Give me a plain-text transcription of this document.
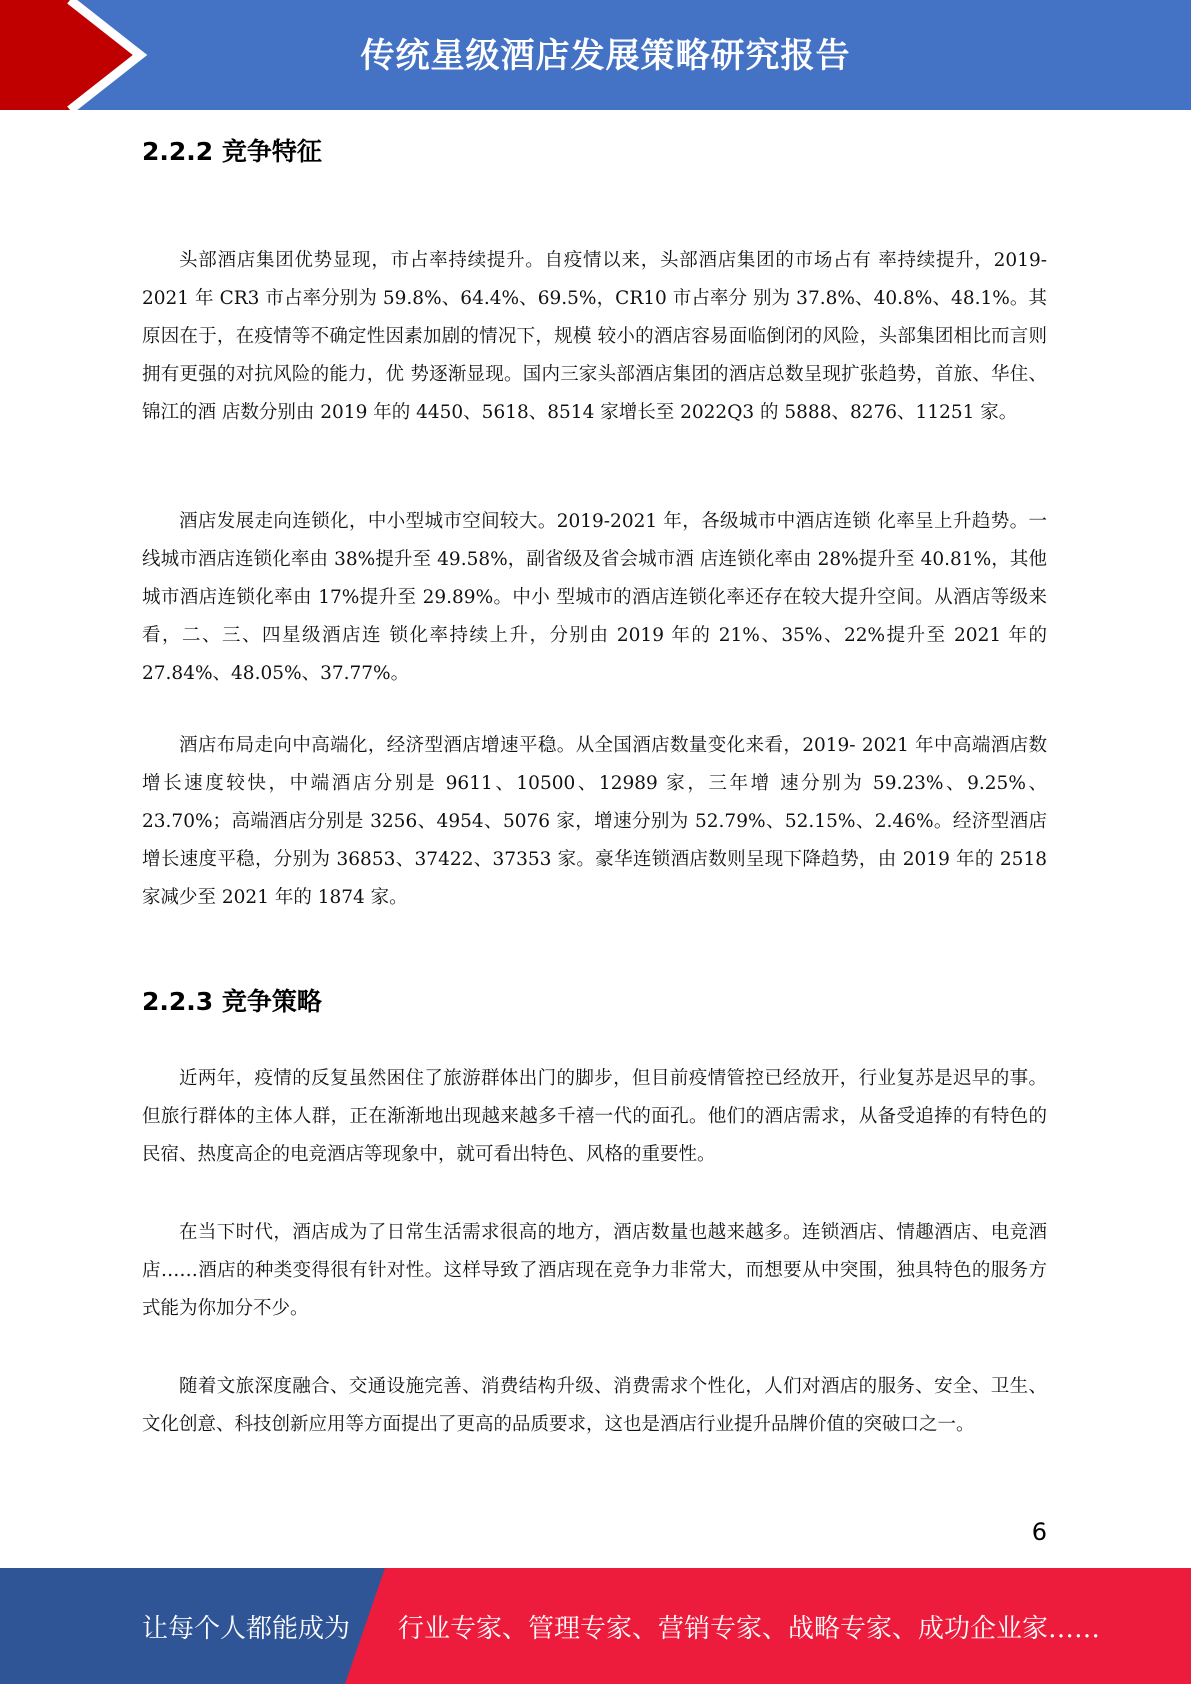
传统星级酒店发展策略研究报告
2.2.2 竞争特征

头部酒店集团优势显现，市占率持续提升。自疫情以来，头部酒店集团的市场占有 率持续提升，2019-2021 年 CR3 市占率分别为 59.8%、64.4%、69.5%，CR10 市占率分 别为 37.8%、40.8%、48.1%。其原因在于，在疫情等不确定性因素加剧的情况下，规模 较小的酒店容易面临倒闭的风险，头部集团相比而言则拥有更强的对抗风险的能力，优 势逐渐显现。国内三家头部酒店集团的酒店总数呈现扩张趋势，首旅、华住、锦江的酒 店数分别由 2019 年的 4450、5618、8514 家增长至 2022Q3 的 5888、8276、11251 家。

酒店发展走向连锁化，中小型城市空间较大。2019-2021 年，各级城市中酒店连锁 化率呈上升趋势。一线城市酒店连锁化率由 38%提升至 49.58%，副省级及省会城市酒 店连锁化率由 28%提升至 40.81%，其他城市酒店连锁化率由 17%提升至 29.89%。中小 型城市的酒店连锁化率还存在较大提升空间。从酒店等级来看，二、三、四星级酒店连 锁化率持续上升，分别由 2019 年的 21%、35%、22%提升至 2021 年的 27.84%、48.05%、37.77%。

酒店布局走向中高端化，经济型酒店增速平稳。从全国酒店数量变化来看，2019- 2021 年中高端酒店数增长速度较快，中端酒店分别是 9611、10500、12989 家，三年增 速分别为 59.23%、9.25%、23.70%；高端酒店分别是 3256、4954、5076 家，增速分别为 52.79%、52.15%、2.46%。经济型酒店增长速度平稳，分别为 36853、37422、37353 家。豪华连锁酒店数则呈现下降趋势，由 2019 年的 2518 家减少至 2021 年的 1874 家。

2.2.3 竞争策略

近两年，疫情的反复虽然困住了旅游群体出门的脚步，但目前疫情管控已经放开，行业复苏是迟早的事。但旅行群体的主体人群，正在渐渐地出现越来越多千禧一代的面孔。他们的酒店需求，从备受追捧的有特色的民宿、热度高企的电竞酒店等现象中，就可看出特色、风格的重要性。

在当下时代，酒店成为了日常生活需求很高的地方，酒店数量也越来越多。连锁酒店、情趣酒店、电竞酒店……酒店的种类变得很有针对性。这样导致了酒店现在竞争力非常大，而想要从中突围，独具特色的服务方式能为你加分不少。

随着文旅深度融合、交通设施完善、消费结构升级、消费需求个性化，人们对酒店的服务、安全、卫生、文化创意、科技创新应用等方面提出了更高的品质要求，这也是酒店行业提升品牌价值的突破口之一。

6
让每个人都能成为 行业专家、管理专家、营销专家、战略专家、成功企业家……
